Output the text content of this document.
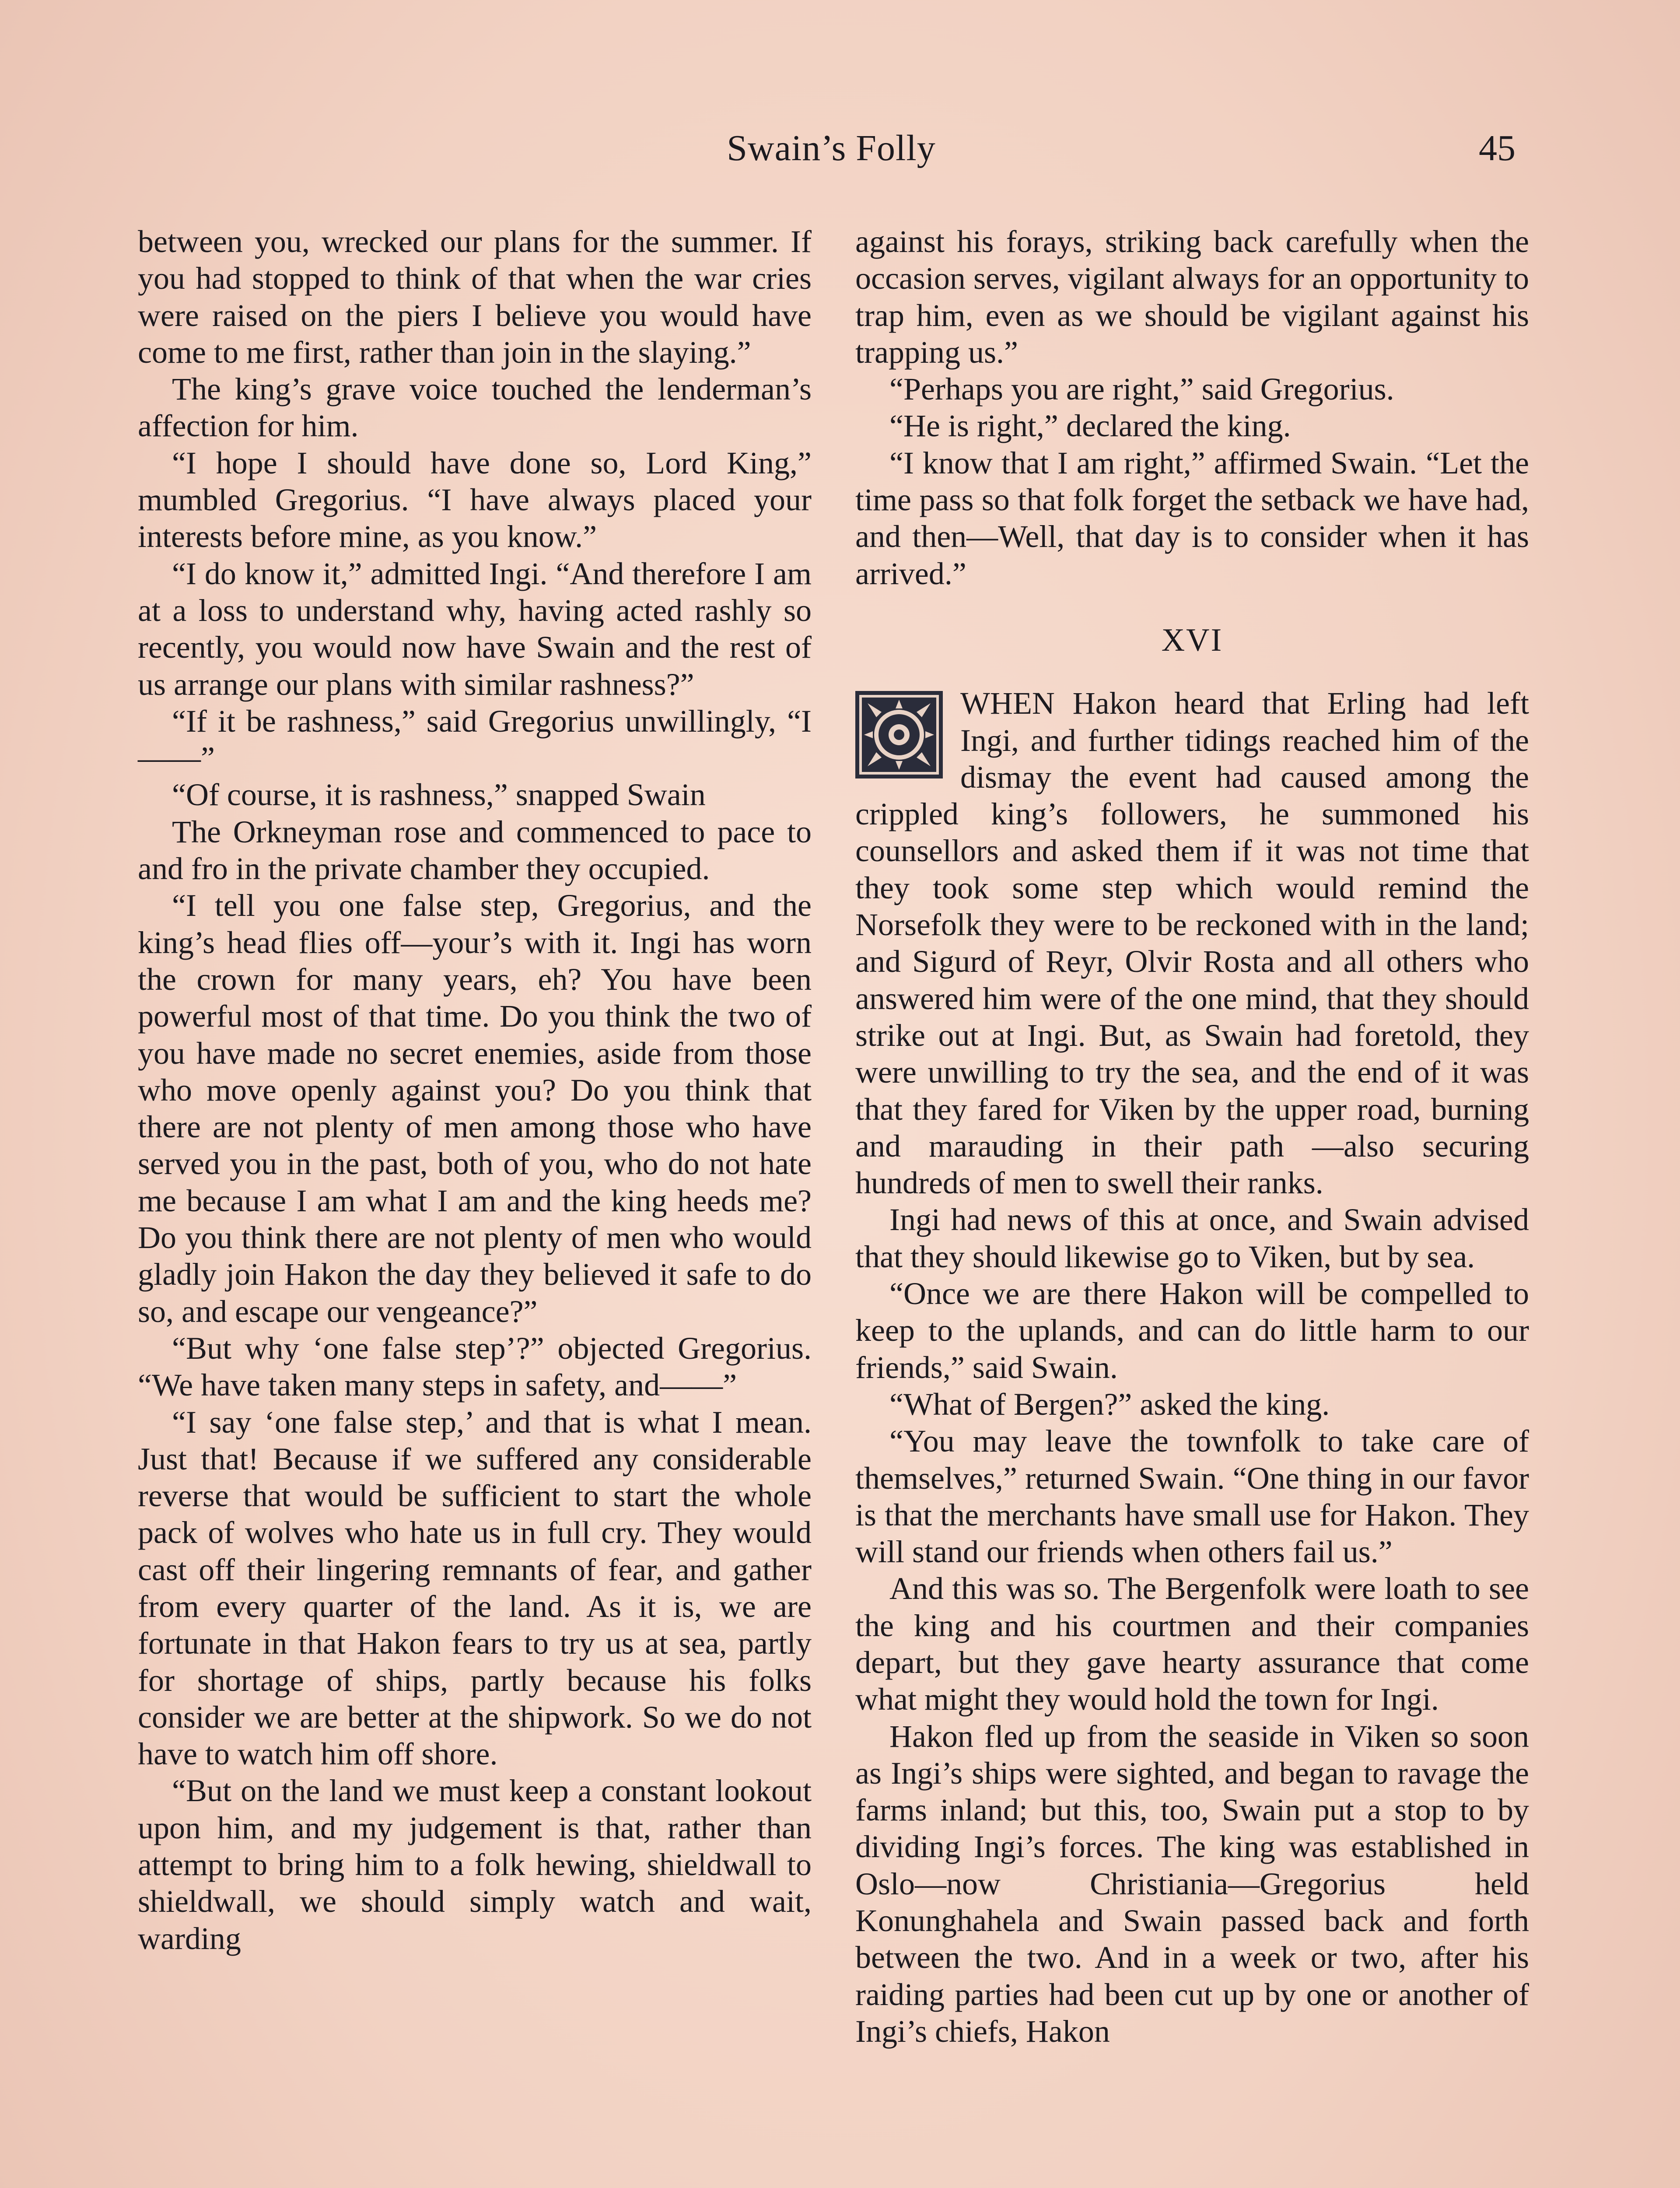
Swain’s Folly	45

between you, wrecked our plans for the summer. If you had stopped to think of that when the war cries were raised on the piers I believe you would have come to me first, rather than join in the slaying.”

The king’s grave voice touched the lenderman’s affection for him.

“I hope I should have done so, Lord King,” mumbled Gregorius. “I have always placed your interests before mine, as you know.”

“I do know it,” admitted Ingi. “And therefore I am at a loss to understand why, having acted rashly so recently, you would now have Swain and the rest of us arrange our plans with similar rashness?”

“If it be rashness,” said Gregorius unwillingly, “I——”

“Of course, it is rashness,” snapped Swain

The Orkneyman rose and commenced to pace to and fro in the private chamber they occupied.

“I tell you one false step, Gregorius, and the king’s head flies off—your’s with it. Ingi has worn the crown for many years, eh? You have been powerful most of that time. Do you think the two of you have made no secret enemies, aside from those who move openly against you? Do you think that there are not plenty of men among those who have served you in the past, both of you, who do not hate me because I am what I am and the king heeds me? Do you think there are not plenty of men who would gladly join Hakon the day they believed it safe to do so, and escape our vengeance?”

“But why ‘one false step’?” objected Gregorius. “We have taken many steps in safety, and——”

“I say ‘one false step,’ and that is what I mean. Just that! Because if we suffered any considerable reverse that would be sufficient to start the whole pack of wolves who hate us in full cry. They would cast off their lingering remnants of fear, and gather from every quarter of the land. As it is, we are fortunate in that Hakon fears to try us at sea, partly for shortage of ships, partly because his folks consider we are better at the shipwork. So we do not have to watch him off shore.

“But on the land we must keep a constant lookout upon him, and my judgement is that, rather than attempt to bring him to a folk hewing, shieldwall to shieldwall, we should simply watch and wait, warding

against his forays, striking back carefully when the occasion serves, vigilant always for an opportunity to trap him, even as we should be vigilant against his trapping us.”

“Perhaps you are right,” said Gregorius.

“He is right,” declared the king.

“I know that I am right,” affirmed Swain. “Let the time pass so that folk forget the setback we have had, and then—Well, that day is to consider when it has arrived.”

XVI

WHEN Hakon heard that Erling had left Ingi, and further tidings reached him of the dismay the event had caused among the crippled king’s followers, he summoned his counsellors and asked them if it was not time that they took some step which would remind the Norsefolk they were to be reckoned with in the land; and Sigurd of Reyr, Olvir Rosta and all others who answered him were of the one mind, that they should strike out at Ingi. But, as Swain had foretold, they were unwilling to try the sea, and the end of it was that they fared for Viken by the upper road, burning and marauding in their path —also securing hundreds of men to swell their ranks.

Ingi had news of this at once, and Swain advised that they should likewise go to Viken, but by sea.

“Once we are there Hakon will be compelled to keep to the uplands, and can do little harm to our friends,” said Swain.

“What of Bergen?” asked the king.

“You may leave the townfolk to take care of themselves,” returned Swain. “One thing in our favor is that the merchants have small use for Hakon. They will stand our friends when others fail us.”

And this was so. The Bergenfolk were loath to see the king and his courtmen and their companies depart, but they gave hearty assurance that come what might they would hold the town for Ingi.

Hakon fled up from the seaside in Viken so soon as Ingi’s ships were sighted, and began to ravage the farms inland; but this, too, Swain put a stop to by dividing Ingi’s forces. The king was established in Oslo—now Christiania—Gregorius held Konunghahela and Swain passed back and forth between the two. And in a week or two, after his raiding parties had been cut up by one or another of Ingi’s chiefs, Hakon
